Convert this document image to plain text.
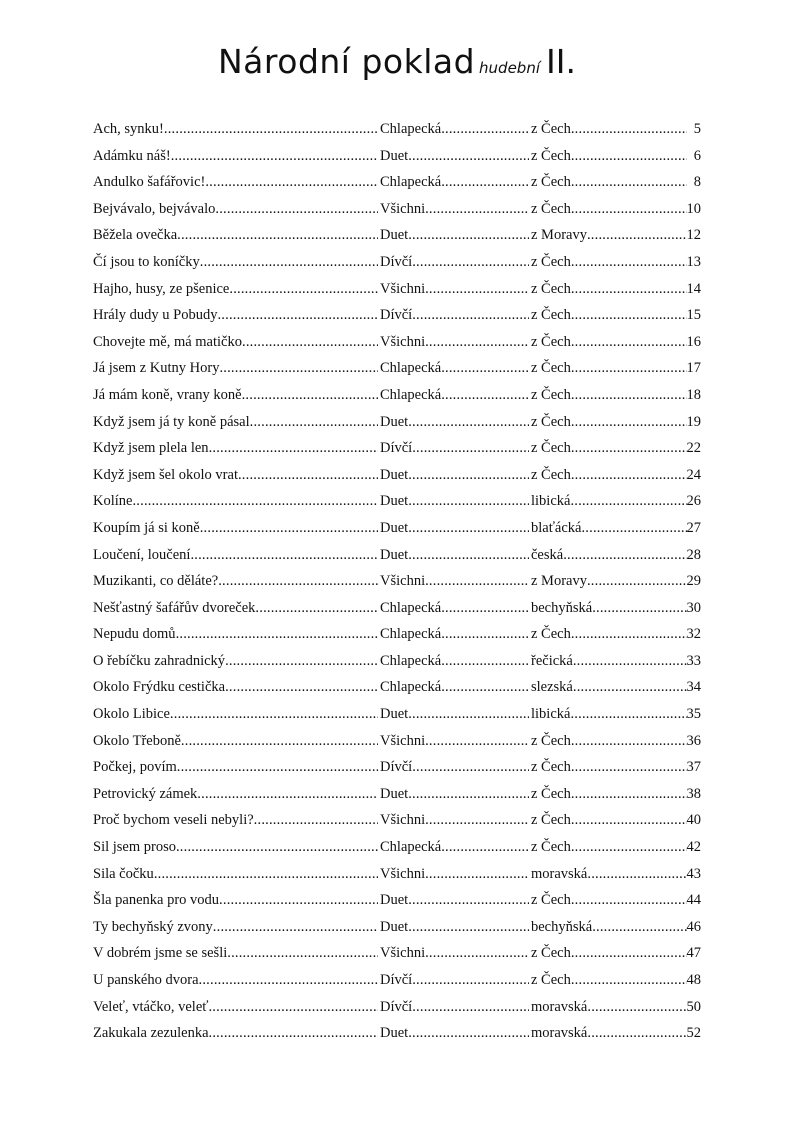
Národní poklad hudební II.
Ach, synku! .....	Chlapecká .....	z Čech .....	5
Adámku náš! .....	Duet .....	z Čech .....	6
Andulko šafářovic! .....	Chlapecká .....	z Čech .....	8
Bejvávalo, bejvávalo .....	Všichni .....	z Čech .....	10
Běžela ovečka .....	Duet .....	z Moravy .....	12
Čí jsou to koníčky .....	Dívčí .....	z Čech .....	13
Hajho, husy, ze pšenice .....	Všichni .....	z Čech .....	14
Hrály dudy u Pobudy .....	Dívčí .....	z Čech .....	15
Chovejte mě, má matičko .....	Všichni .....	z Čech .....	16
Já jsem z Kutny Hory .....	Chlapecká .....	z Čech .....	17
Já mám koně, vrany koně .....	Chlapecká .....	z Čech .....	18
Když jsem já ty koně pásal .....	Duet .....	z Čech .....	19
Když jsem plela len .....	Dívčí .....	z Čech .....	22
Když jsem šel okolo vrat .....	Duet .....	z Čech .....	24
Kolíne .....	Duet .....	libická .....	26
Koupím já si koně .....	Duet .....	blaťácká .....	27
Loučení, loučení .....	Duet .....	česká .....	28
Muzikanti, co děláte? .....	Všichni .....	z Moravy .....	29
Nešťastný šafářův dvoreček .....	Chlapecká .....	bechyňská .....	30
Nepudu domů .....	Chlapecká .....	z Čech .....	32
O řebíčku zahradnický .....	Chlapecká .....	řečická .....	33
Okolo Frýdku cestička .....	Chlapecká .....	slezská .....	34
Okolo Libice .....	Duet .....	libická .....	35
Okolo Třeboně .....	Všichni .....	z Čech .....	36
Počkej, povím .....	Dívčí .....	z Čech .....	37
Petrovický zámek .....	Duet .....	z Čech .....	38
Proč bychom veseli nebyli? .....	Všichni .....	z Čech .....	40
Sil jsem proso .....	Chlapecká .....	z Čech .....	42
Sila čočku .....	Všichni .....	moravská .....	43
Šla panenka pro vodu .....	Duet .....	z Čech .....	44
Ty bechyňský zvony .....	Duet .....	bechyňská .....	46
V dobrém jsme se sešli .....	Všichni .....	z Čech .....	47
U panského dvora .....	Dívčí .....	z Čech .....	48
Veleť, vtáčko, veleť .....	Dívčí .....	moravská .....	50
Zakukala zezulenka .....	Duet .....	moravská .....	52
